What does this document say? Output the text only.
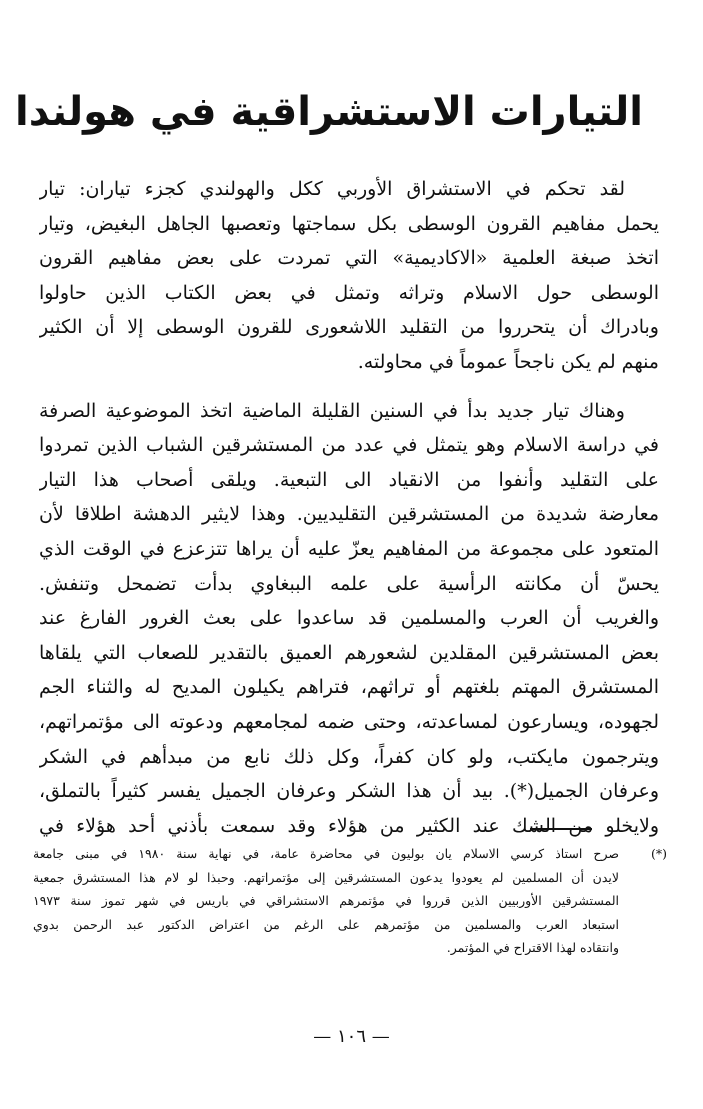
التيارات الاستشراقية في هولندا
لقد تحكم في الاستشراق الأوربي ككل والهولندي كجزء تياران: تيار
يحمل مفاهيم القرون الوسطى بكل سماجتها وتعصبها الجاهل البغيض، وتيار
اتخذ صبغة العلمية «الاكاديمية» التي تمردت على بعض مفاهيم القرون
الوسطى حول الاسلام وتراثه وتمثل في بعض الكتاب الذين حاولوا
وبادراك أن يتحرروا من التقليد اللاشعورى للقرون الوسطى إلا أن الكثير
منهم لم يكن ناجحاً عموماً في محاولته.
وهناك تيار جديد بدأ في السنين القليلة الماضية اتخذ الموضوعية الصرفة
في دراسة الاسلام وهو يتمثل في عدد من المستشرقين الشباب الذين تمردوا
على التقليد وأنفوا من الانقياد الى التبعية. ويلقى أصحاب هذا التيار
معارضة شديدة من المستشرقين التقليديين. وهذا لايثير الدهشة اطلاقا لأن
المتعود على مجموعة من المفاهيم يعزّ عليه أن يراها تتزعزع في الوقت الذي
يحسّ أن مكانته الرأسية على علمه الببغاوي بدأت تضمحل وتنفش.
والغريب أن العرب والمسلمين قد ساعدوا على بعث الغرور الفارغ عند
بعض المستشرقين المقلدين لشعورهم العميق بالتقدير للصعاب التي يلقاها
المستشرق المهتم بلغتهم أو تراثهم، فتراهم يكيلون المديح له والثناء الجم
لجهوده، ويسارعون لمساعدته، وحتى ضمه لمجامعهم ودعوته الى مؤتمراتهم،
ويترجمون مايكتب، ولو كان كفراً، وكل ذلك نابع من مبدأهم في الشكر
وعرفان الجميل(*). بيد أن هذا الشكر وعرفان الجميل يفسر كثيراً بالتملق،
ولايخلو من الشك عند الكثير من هؤلاء وقد سمعت بأذني أحد هؤلاء في
(*)
صرح استاذ كرسي الاسلام يان بوليون في محاضرة عامة، في نهاية سنة ١٩٨٠ في مبنى جامعة
لايدن أن المسلمين لم يعودوا يدعون المستشرقين إلى مؤتمراتهم. وحبذا لو لام هذا المستشرق جمعية
المستشرقين الأوربيين الذين قرروا في مؤتمرهم الاستشراقي في باريس في شهر تموز سنة ١٩٧٣
استبعاد العرب والمسلمين من مؤتمرهم على الرغم من اعتراض الدكتور عبد الرحمن بدوي
وانتقاده لهذا الاقتراح في المؤتمر.
— ١٠٦ —
